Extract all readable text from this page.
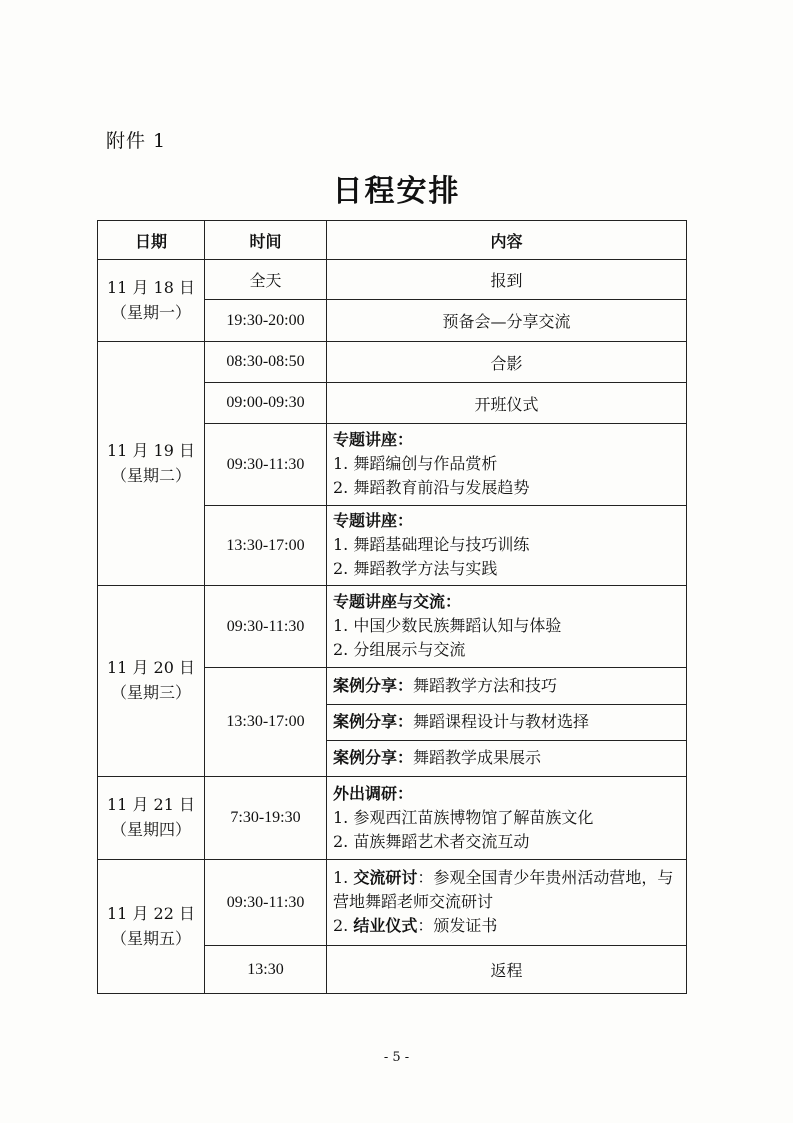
附件 1
日程安排
日期	时间	内容

11 月 18 日
（星期一）	全天	报到
	19:30-20:00	预备会—分享交流

11 月 19 日
（星期二）	08:30-08:50	合影
	09:00-09:30	开班仪式
	09:30-11:30	专题讲座：
1. 舞蹈编创与作品赏析
2. 舞蹈教育前沿与发展趋势

	13:30-17:00	专题讲座：
1. 舞蹈基础理论与技巧训练
2. 舞蹈教学方法与实践

11 月 20 日
（星期三）	09:30-11:30	专题讲座与交流：
1. 中国少数民族舞蹈认知与体验
2. 分组展示与交流

	13:30-17:00	案例分享：舞蹈教学方法和技巧
		案例分享：舞蹈课程设计与教材选择
		案例分享：舞蹈教学成果展示

11 月 21 日
（星期四）	7:30-19:30	外出调研：
1. 参观西江苗族博物馆了解苗族文化
2. 苗族舞蹈艺术者交流互动

11 月 22 日
（星期五）	09:30-11:30	1. 交流研讨：参观全国青少年贵州活动营地，与营地舞蹈老师交流研讨
2. 结业仪式：颁发证书

	13:30	返程
- 5 -
